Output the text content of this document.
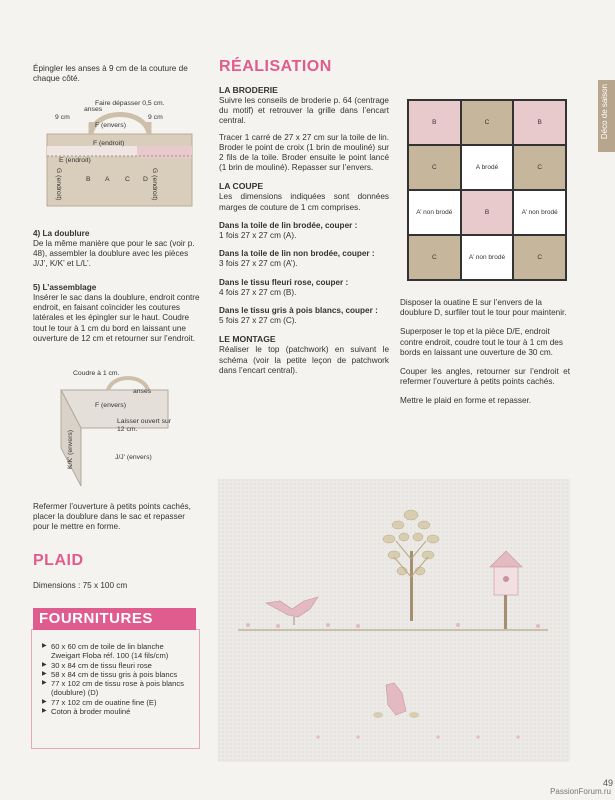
Déco de saison

Épingler les anses à 9 cm de la couture de chaque côté.

Faire dépasser 0,5 cm.
anses
9 cm
F (envers)
9 cm
F (endroit)
E (endroit)
G (endroit)	B A C D G (endroit)

4) La doublure

De la même manière que pour le sac (voir p. 48), assembler la doublure avec les pièces J/J’, K/K’ et L/L’.

5) L’assemblage

Insérer le sac dans la doublure, endroit contre endroit, en faisant coïncider les coutures latérales et les épingler sur le haut. Coudre tout le tour à 1 cm du bord en laissant une ouverture de 12 cm et retourner sur l’endroit.

Coudre à 1 cm.
anses
F (envers)
Laisser ouvert sur 12 cm.
K/K’ (envers)	J/J’ (envers)

Refermer l’ouverture à petits points cachés, placer la doublure dans le sac et repasser pour le mettre en forme.

PLAID

Dimensions : 75 x 100 cm

▶ 60 x 60 cm de toile de lin blanche Zweigart Floba réf. 100 (14 fils/cm)
▶ 30 x 84 cm de tissu fleuri rose
▶ 58 x 84 cm de tissu gris à pois blancs
▶ 77 x 102 cm de tissu rose à pois blancs (doublure) (D)
▶ 77 x 102 cm de ouatine fine (E)
▶ Coton à broder mouliné
FOURNITURES
RÉALISATION

LA BRODERIE

Suivre les conseils de broderie p. 64 (centrage du motif) et retrouver la grille dans l’encart central.

Tracer 1 carré de 27 x 27 cm sur la toile de lin. Broder le point de croix (1 brin de mouliné) sur 2 fils de la toile. Broder ensuite le point lancé (1 brin de mouliné). Repasser sur l’envers.

LA COUPE

Les dimensions indiquées sont données marges de couture de 1 cm comprises.

Dans la toile de lin brodée, couper :

1 fois 27 x 27 cm (A).

Dans la toile de lin non brodée, couper :

3 fois 27 x 27 cm (A’).

Dans le tissu fleuri rose, couper :

4 fois 27 x 27 cm (B).

Dans le tissu gris à pois blancs, couper :

5 fois 27 x 27 cm (C).

LE MONTAGE

Réaliser le top (patchwork) en suivant le schéma (voir la petite leçon de patchwork dans l’encart central).

B	C	B
C	A brodé	C
A’ non brodé	B	A’ non brodé
C	A’ non brodé	C

Disposer la ouatine E sur l’envers de la doublure D, surfiler tout le tour pour maintenir.

Superposer le top et la pièce D/E, endroit contre endroit, coudre tout le tour à 1 cm des bords en laissant une ouverture de 30 cm.

Couper les angles, retourner sur l’endroit et refermer l’ouverture à petits points cachés.

Mettre le plaid en forme et repasser.

49
PassionForum.ru
